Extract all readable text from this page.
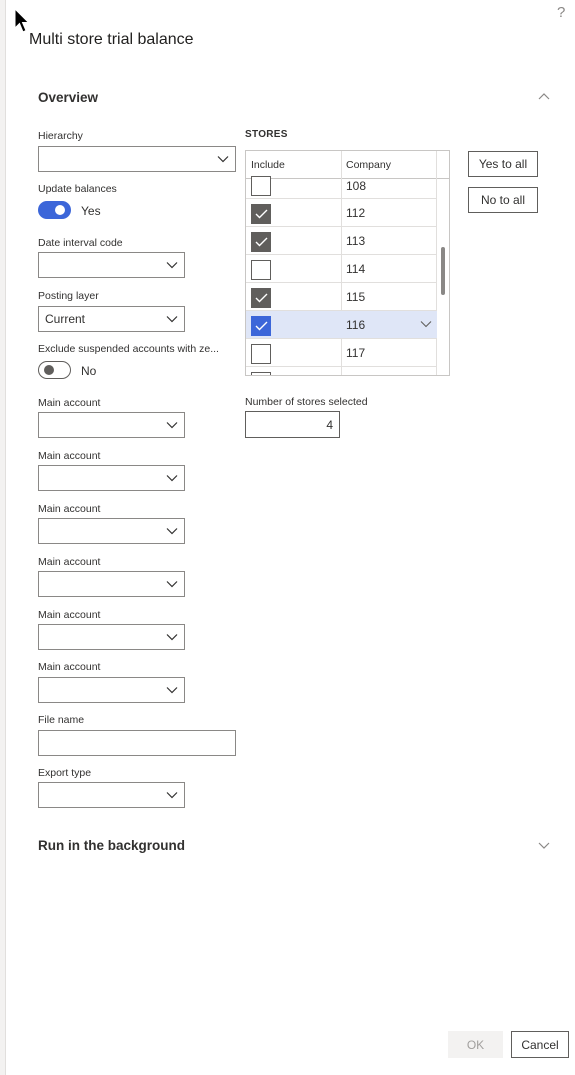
?
Multi store trial balance
Overview
Hierarchy
Update balances
Yes
Date interval code
Posting layer
Current
Exclude suspended accounts with ze...
No
Main account
Main account
Main account
Main account
Main account
Main account
File name
Export type
STORES
Include	Company
108
112
113
114
115
116
117
Yes to all
No to all
Number of stores selected
4
Run in the background
OK	Cancel
